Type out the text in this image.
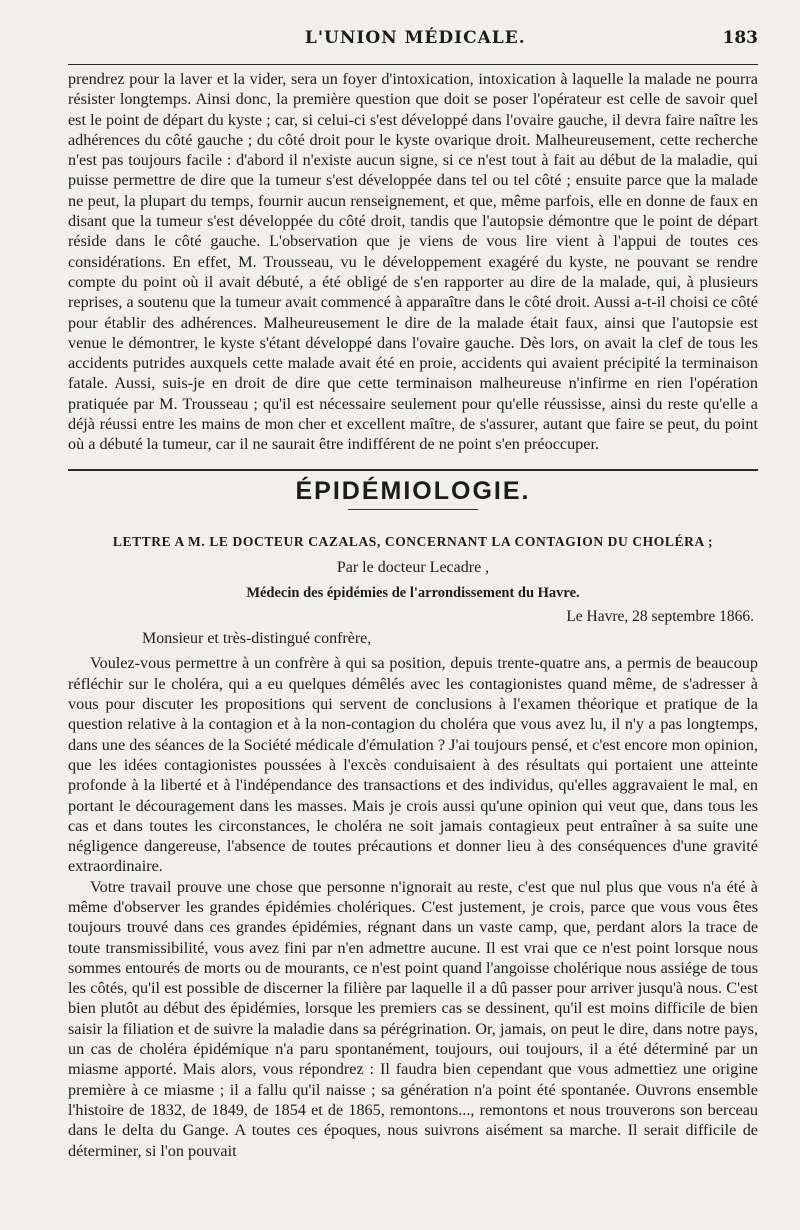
L'UNION MÉDICALE.	183

prendrez pour la laver et la vider, sera un foyer d'intoxication, intoxication à laquelle la malade ne pourra résister longtemps. Ainsi donc, la première question que doit se poser l'opérateur est celle de savoir quel est le point de départ du kyste ; car, si celui-ci s'est développé dans l'ovaire gauche, il devra faire naître les adhérences du côté gauche ; du côté droit pour le kyste ovarique droit. Malheureusement, cette recherche n'est pas toujours facile : d'abord il n'existe aucun signe, si ce n'est tout à fait au début de la maladie, qui puisse permettre de dire que la tumeur s'est développée dans tel ou tel côté ; ensuite parce que la malade ne peut, la plupart du temps, fournir aucun renseignement, et que, même parfois, elle en donne de faux en disant que la tumeur s'est développée du côté droit, tandis que l'autopsie démontre que le point de départ réside dans le côté gauche. L'observation que je viens de vous lire vient à l'appui de toutes ces considérations. En effet, M. Trousseau, vu le développement exagéré du kyste, ne pouvant se rendre compte du point où il avait débuté, a été obligé de s'en rapporter au dire de la malade, qui, à plusieurs reprises, a soutenu que la tumeur avait commencé à apparaître dans le côté droit. Aussi a-t-il choisi ce côté pour établir des adhérences. Malheureusement le dire de la malade était faux, ainsi que l'autopsie est venue le démontrer, le kyste s'étant développé dans l'ovaire gauche. Dès lors, on avait la clef de tous les accidents putrides auxquels cette malade avait été en proie, accidents qui avaient précipité la terminaison fatale. Aussi, suis-je en droit de dire que cette terminaison malheureuse n'infirme en rien l'opération pratiquée par M. Trousseau ; qu'il est nécessaire seulement pour qu'elle réussisse, ainsi du reste qu'elle a déjà réussi entre les mains de mon cher et excellent maître, de s'assurer, autant que faire se peut, du point où a débuté la tumeur, car il ne saurait être indifférent de ne point s'en préoccuper.

ÉPIDÉMIOLOGIE.
LETTRE A M. LE DOCTEUR CAZALAS, CONCERNANT LA CONTAGION DU CHOLÉRA ;
Par le docteur Lecadre ,
Médecin des épidémies de l'arrondissement du Havre.
Le Havre, 28 septembre 1866.
Monsieur et très-distingué confrère,

Voulez-vous permettre à un confrère à qui sa position, depuis trente-quatre ans, a permis de beaucoup réfléchir sur le choléra, qui a eu quelques démêlés avec les contagionistes quand même, de s'adresser à vous pour discuter les propositions qui servent de conclusions à l'examen théorique et pratique de la question relative à la contagion et à la non-contagion du choléra que vous avez lu, il n'y a pas longtemps, dans une des séances de la Société médicale d'émulation ? J'ai toujours pensé, et c'est encore mon opinion, que les idées contagionistes poussées à l'excès conduisaient à des résultats qui portaient une atteinte profonde à la liberté et à l'indépendance des transactions et des individus, qu'elles aggravaient le mal, en portant le découragement dans les masses. Mais je crois aussi qu'une opinion qui veut que, dans tous les cas et dans toutes les circonstances, le choléra ne soit jamais contagieux peut entraîner à sa suite une négligence dangereuse, l'absence de toutes précautions et donner lieu à des conséquences d'une gravité extraordinaire.

Votre travail prouve une chose que personne n'ignorait au reste, c'est que nul plus que vous n'a été à même d'observer les grandes épidémies cholériques. C'est justement, je crois, parce que vous vous êtes toujours trouvé dans ces grandes épidémies, régnant dans un vaste camp, que, perdant alors la trace de toute transmissibilité, vous avez fini par n'en admettre aucune. Il est vrai que ce n'est point lorsque nous sommes entourés de morts ou de mourants, ce n'est point quand l'angoisse cholérique nous assiége de tous les côtés, qu'il est possible de discerner la filière par laquelle il a dû passer pour arriver jusqu'à nous. C'est bien plutôt au début des épidémies, lorsque les premiers cas se dessinent, qu'il est moins difficile de bien saisir la filiation et de suivre la maladie dans sa pérégrination. Or, jamais, on peut le dire, dans notre pays, un cas de choléra épidémique n'a paru spontanément, toujours, oui toujours, il a été déterminé par un miasme apporté. Mais alors, vous répondrez : Il faudra bien cependant que vous admettiez une origine première à ce miasme ; il a fallu qu'il naisse ; sa génération n'a point été spontanée. Ouvrons ensemble l'histoire de 1832, de 1849, de 1854 et de 1865, remontons..., remontons et nous trouverons son berceau dans le delta du Gange. A toutes ces époques, nous suivrons aisément sa marche. Il serait difficile de déterminer, si l'on pouvait
